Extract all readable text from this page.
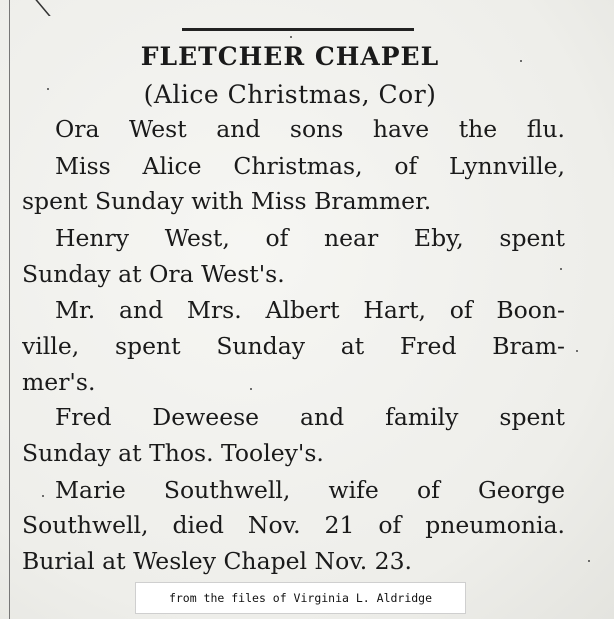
FLETCHER CHAPEL
(Alice Christmas, Cor)
Ora West and sons have the flu.
Miss Alice Christmas, of Lynnville,
spent Sunday with Miss Brammer.
Henry West, of near Eby, spent
Sunday at Ora West's.
Mr. and Mrs. Albert Hart, of Boon-
ville, spent Sunday at Fred Bram-
mer's.
Fred Deweese and family spent
Sunday at Thos. Tooley's.
Marie Southwell, wife of George
Southwell, died Nov. 21 of pneumonia.
Burial at Wesley Chapel Nov. 23.
from the files of Virginia L. Aldridge
